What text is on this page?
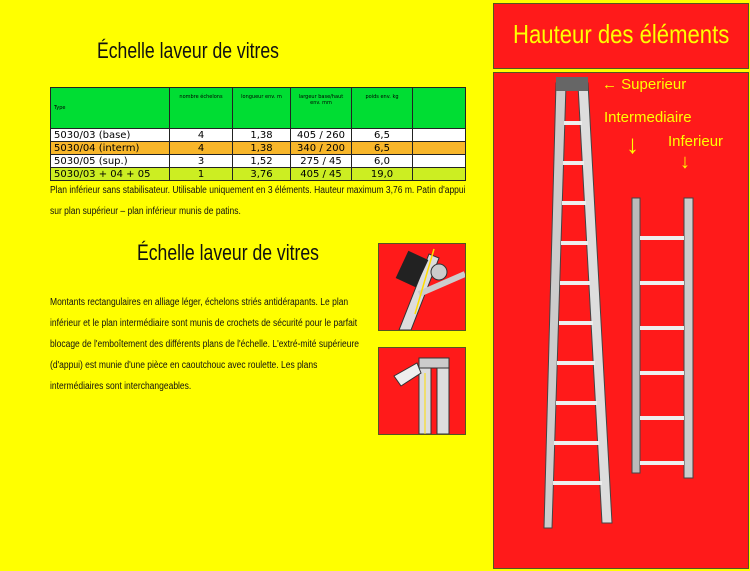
Échelle laveur de vitres
Type	nombre échelons	longueur env. m	largeur base/haut env. mm	poids env. kg	
5030/03 (base)	4	1,38	405 / 260	6,5	
5030/04 (interm)	4	1,38	340 / 200	6,5	
5030/05 (sup.)	3	1,52	275 / 45	6,0	
5030/03 + 04 + 05	1	3,76	405 / 45	19,0	
Plan inférieur sans stabilisateur. Utilisable uniquement en 3 éléments. Hauteur maximum 3,76 m. Patin d'appui sur plan supérieur – plan inférieur munis de patins.
Échelle laveur de vitres
Montants rectangulaires en alliage léger, échelons striés antidérapants. Le plan inférieur et le plan intermédiaire sont munis de crochets de sécurité pour le parfait blocage de l'emboîtement des différents plans de l'échelle. L'extré-mité supérieure (d'appui) est munie d'une pièce en caoutchouc avec roulette. Les plans intermédiaires sont interchangeables.
← Superieur
Intermediaire
Inferieur
↓
↓
Hauteur des éléments
